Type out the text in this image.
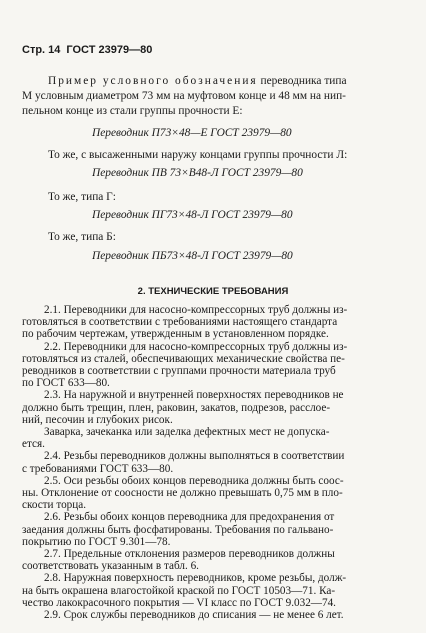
Стр. 14 ГОСТ 23979—80
Пример условного обозначения переводника типа
М условным диаметром 73 мм на муфтовом конце и 48 мм на нип-
пельном конце из стали группы прочности Е:
Переводник П73×48—Е ГОСТ 23979—80
То же, с высаженными наружу концами группы прочности Л:
Переводник ПВ 73×В48-Л ГОСТ 23979—80
То же, типа Г:
Переводник ПГ73×48-Л ГОСТ 23979—80
То же, типа Б:
Переводник ПБ73×48-Л ГОСТ 23979—80
2. ТЕХНИЧЕСКИЕ ТРЕБОВАНИЯ
2.1. Переводники для насосно-компрессорных труб должны из-
готовляться в соответствии с требованиями настоящего стандарта
по рабочим чертежам, утвержденным в установленном порядке.
2.2. Переводники для насосно-компрессорных труб должны из-
готовляться из сталей, обеспечивающих механические свойства пе-
реводников в соответствии с группами прочности материала труб
по ГОСТ 633—80.
2.3. На наружной и внутренней поверхностях переводников не
должно быть трещин, плен, раковин, закатов, подрезов, расслое-
ний, песочин и глубоких рисок.
Заварка, зачеканка или заделка дефектных мест не допуска-
ется.
2.4. Резьбы переводников должны выполняться в соответствии
с требованиями ГОСТ 633—80.
2.5. Оси резьбы обоих концов переводника должны быть соос-
ны. Отклонение от соосности не должно превышать 0,75 мм в пло-
скости торца.
2.6. Резьбы обоих концов переводника для предохранения от
заедания должны быть фосфатированы. Требования по гальвано-
покрытию по ГОСТ 9.301—78.
2.7. Предельные отклонения размеров переводников должны
соответствовать указанным в табл. 6.
2.8. Наружная поверхность переводников, кроме резьбы, долж-
на быть окрашена влагостойкой краской по ГОСТ 10503—71. Ка-
чество лакокрасочного покрытия — VI класс по ГОСТ 9.032—74.
2.9. Срок службы переводников до списания — не менее 6 лет.
